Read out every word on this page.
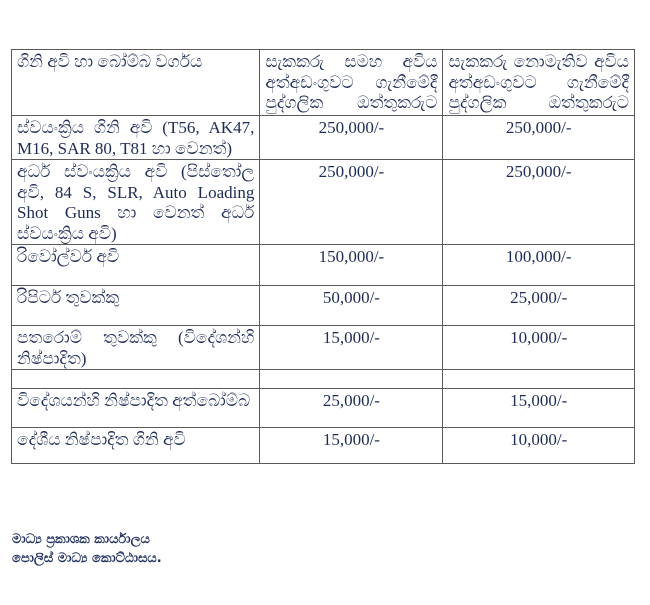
ගිනි අවි හා බෝම්බ වර්ගය	සැකකරු සමහ අවිය අත්අඩංගුවට ගැනීමේදී පුද්ගලික ඔත්තුකරුට	සැකකරු නොමැතිව අවිය අත්අඩංගුවට ගැනීමේදී පුද්ගලික ඔත්තුකරුට
ස්වයංක්‍රිය ගිනි අවි (T56, AK47, M16, SAR 80, T81 හා වෙනත්)	250,000/-	250,000/-
අර්ධ ස්වංයක්‍රිය අවි (පිස්තෝල අවි, 84 S, SLR, Auto Loading Shot Guns හා වෙනත් අර්ධ ස්වයංක්‍රිය අවි)	250,000/-	250,000/-
රිවෝල්වර් අවි	150,000/-	100,000/-
රිපිටර් තුවක්කු	50,000/-	25,000/-
පතරොම් තුවක්කු (විදේශන්හි නිෂ්පාදිත)	15,000/-	10,000/-

විදේශයන්හි නිෂ්පාදිත අත්බෝම්බ	25,000/-	15,000/-
දේශීය නිෂ්පාදිත ගිනි අවි	15,000/-	10,000/-
මාධ්‍ය ප්‍රකාශක කාර්යාලය
පොලිස් මාධ්‍ය කොට්ඨාසය.
